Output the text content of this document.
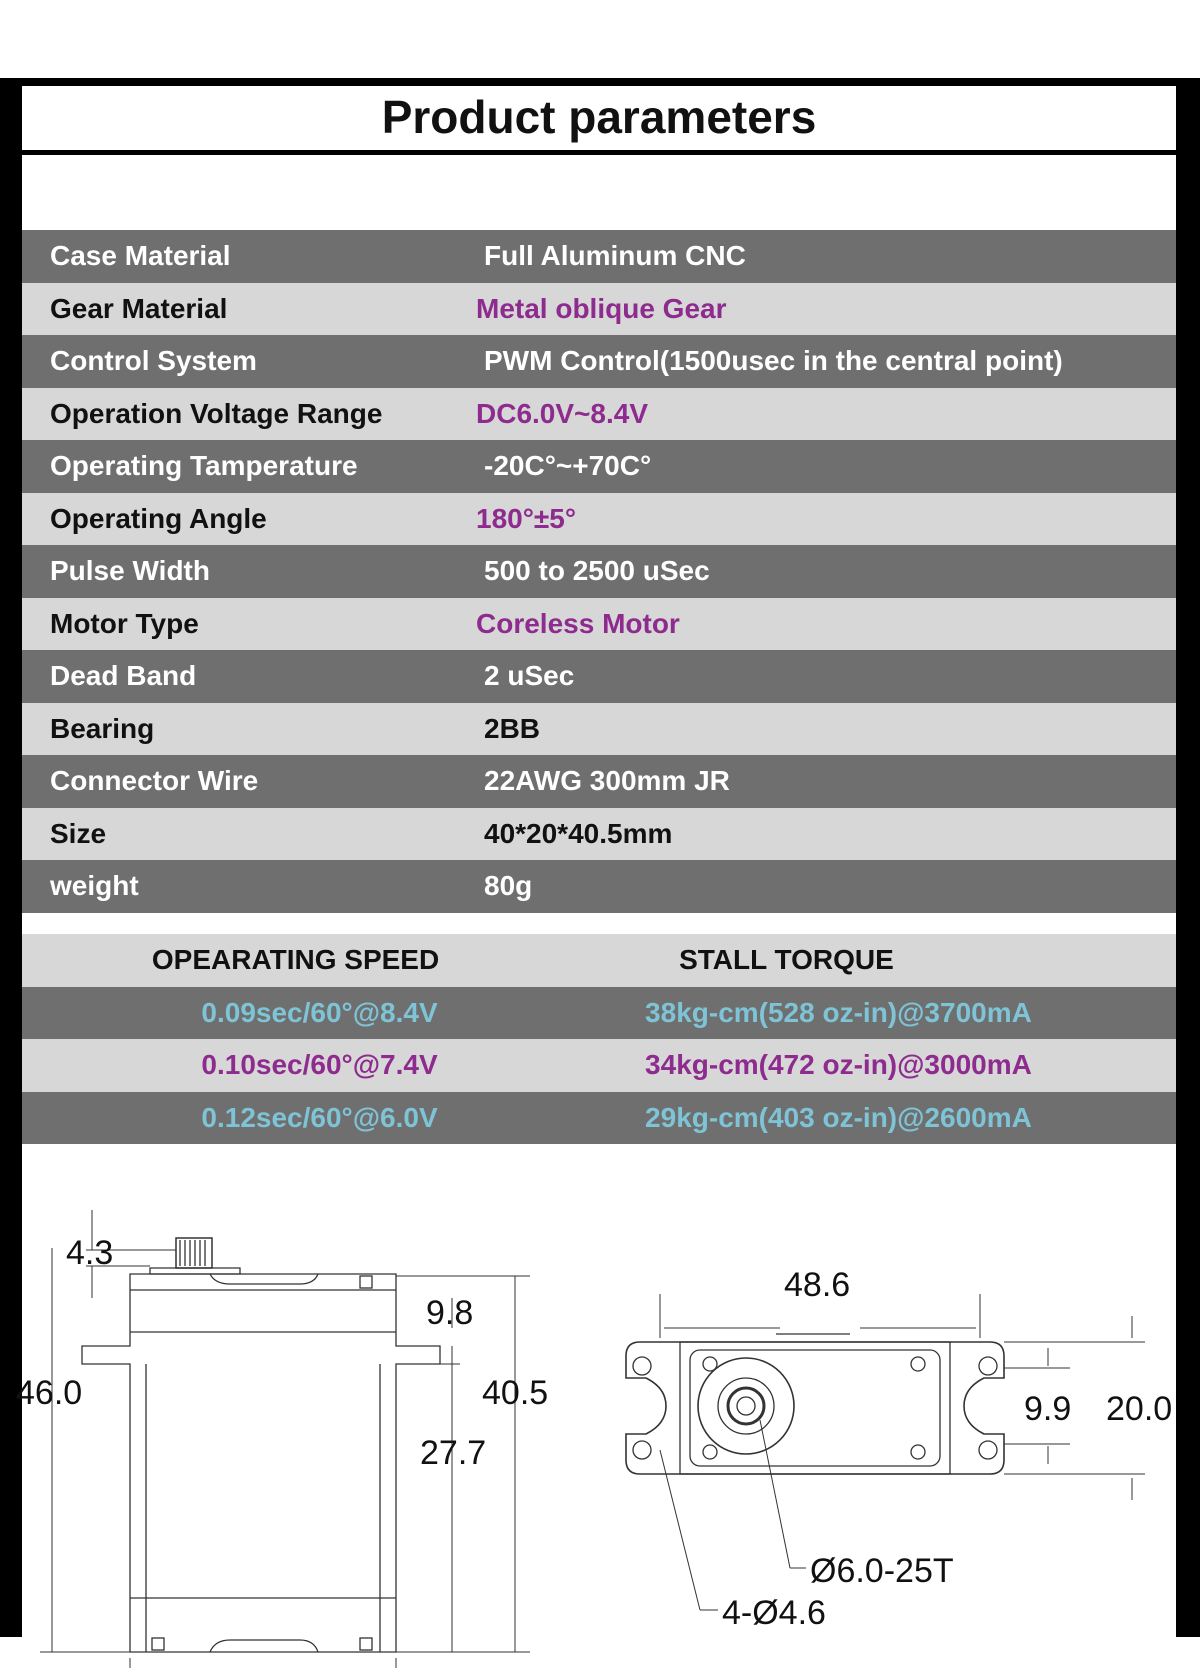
Product parameters
Case Material	Full Aluminum CNC
Gear Material	Metal oblique Gear
Control System	PWM Control(1500usec in the central point)
Operation Voltage Range	DC6.0V~8.4V
Operating Tamperature	-20C°~+70C°
Operating Angle	180°±5°
Pulse Width	500 to 2500 uSec
Motor Type	Coreless Motor
Dead Band	2 uSec
Bearing	2BB
Connector Wire	22AWG 300mm JR
Size	40*20*40.5mm
weight	80g
OPEARATING SPEED	STALL TORQUE
0.09sec/60°@8.4V	38kg-cm(528 oz-in)@3700mA
0.10sec/60°@7.4V	34kg-cm(472 oz-in)@3000mA
0.12sec/60°@6.0V	29kg-cm(403 oz-in)@2600mA
4.3
9.8
46.0	40.5
27.7
48.6
9.9 20.0
Ø6.0-25T
4-Ø4.6
